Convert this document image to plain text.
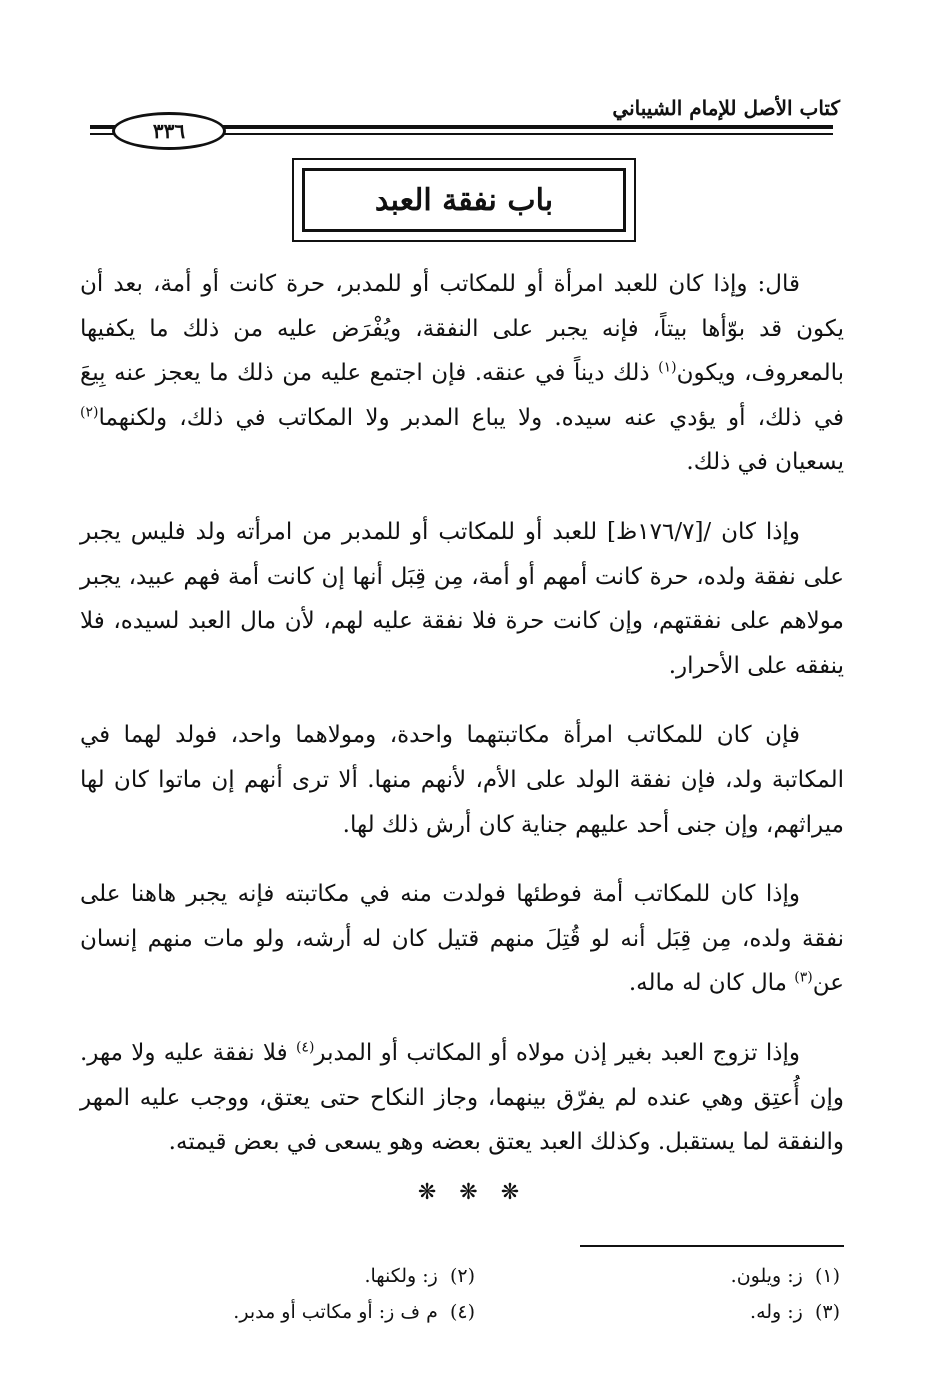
كتاب الأصل للإمام الشيباني
٣٣٦
باب نفقة العبد

قال: وإذا كان للعبد امرأة أو للمكاتب أو للمدبر، حرة كانت أو أمة، بعد أن يكون قد بوّأها بيتاً، فإنه يجبر على النفقة، ويُفْرَض عليه من ذلك ما يكفيها بالمعروف، ويكون$^{(١)}$ ذلك ديناً في عنقه. فإن اجتمع عليه من ذلك ما يعجز عنه بِيعَ في ذلك، أو يؤدي عنه سيده. ولا يباع المدبر ولا المكاتب في ذلك، ولكنهما$^{(٢)}$ يسعيان في ذلك.

وإذا كان /[١٧٦/٧ظ] للعبد أو للمكاتب أو للمدبر من امرأته ولد فليس يجبر على نفقة ولده، حرة كانت أمهم أو أمة، مِن قِبَل أنها إن كانت أمة فهم عبيد، يجبر مولاهم على نفقتهم، وإن كانت حرة فلا نفقة عليه لهم، لأن مال العبد لسيده، فلا ينفقه على الأحرار.

فإن كان للمكاتب امرأة مكاتبتهما واحدة، ومولاهما واحد، فولد لهما في المكاتبة ولد، فإن نفقة الولد على الأم، لأنهم منها. ألا ترى أنهم إن ماتوا كان لها ميراثهم، وإن جنى أحد عليهم جناية كان أرش ذلك لها.

وإذا كان للمكاتب أمة فوطئها فولدت منه في مكاتبته فإنه يجبر هاهنا على نفقة ولده، مِن قِبَل أنه لو قُتِلَ منهم قتيل كان له أرشه، ولو مات منهم إنسان عن$^{(٣)}$ مال كان له ماله.

وإذا تزوج العبد بغير إذن مولاه أو المكاتب أو المدبر$^{(٤)}$ فلا نفقة عليه ولا مهر. وإن أُعتِق وهي عنده لم يفرّق بينهما، وجاز النكاح حتى يعتق، ووجب عليه المهر والنفقة لما يستقبل. وكذلك العبد يعتق بعضه وهو يسعى في بعض قيمته.

❋ ❋ ❋
(١)  ز: ويلون.
(٢)  ز: ولكنها.
(٣)  ز: وله.
(٤)  م ف ز: أو مكاتب أو مدبر.
